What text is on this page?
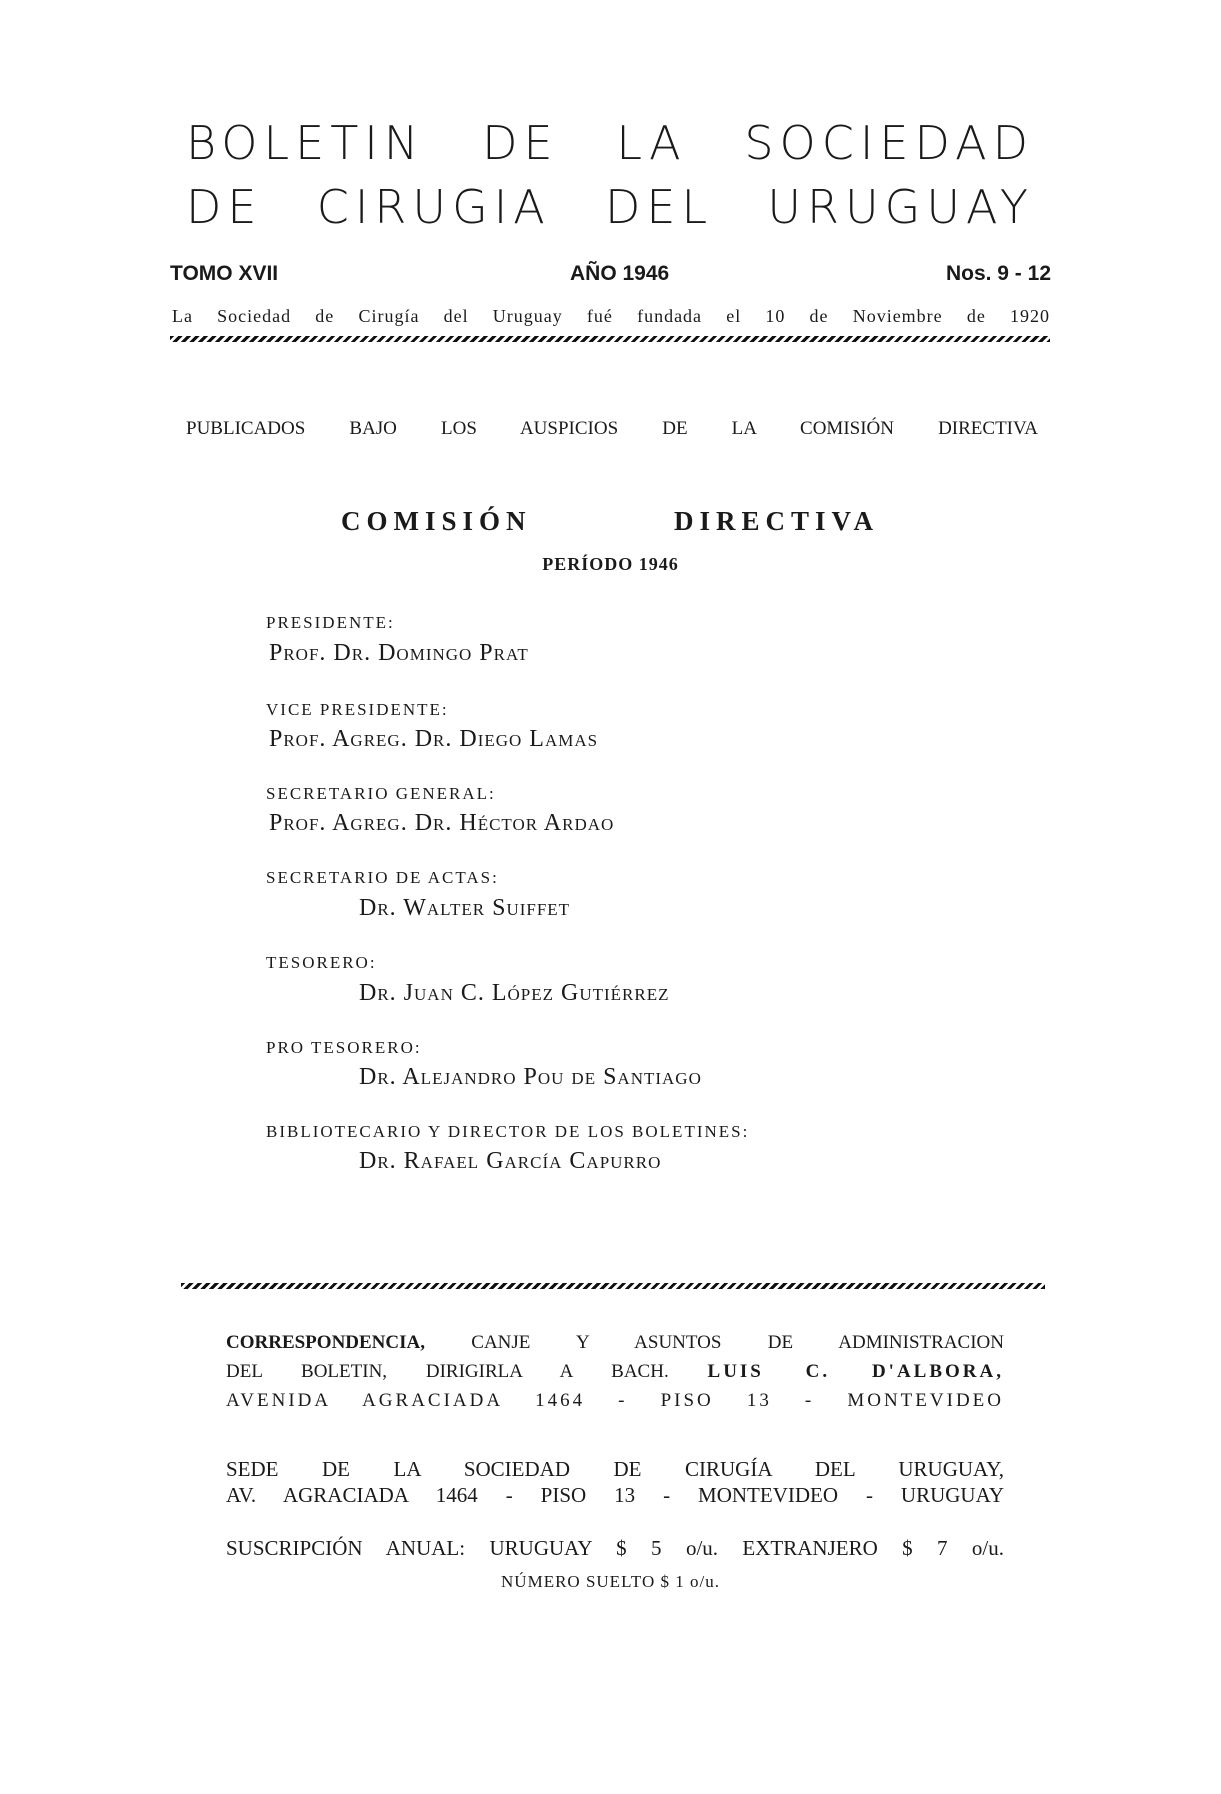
BOLETIN DE LA SOCIEDAD
DE CIRUGIA DEL URUGUAY
TOMO XVII	AÑO 1946	Nos. 9 - 12
La Sociedad de Cirugía del Uruguay fué fundada el 10 de Noviembre de 1920
PUBLICADOS BAJO LOS AUSPICIOS DE LA COMISIÓN DIRECTIVA
COMISIÓN DIRECTIVA
PERÍODO 1946
PRESIDENTE:
Prof. Dr. Domingo Prat
VICE PRESIDENTE:
Prof. Agreg. Dr. Diego Lamas
SECRETARIO GENERAL:
Prof. Agreg. Dr. Héctor Ardao
SECRETARIO DE ACTAS:
Dr. Walter Suiffet
TESORERO:
Dr. Juan C. López Gutiérrez
PRO TESORERO:
Dr. Alejandro Pou de Santiago
BIBLIOTECARIO Y DIRECTOR DE LOS BOLETINES:
Dr. Rafael García Capurro
CORRESPONDENCIA, CANJE Y ASUNTOS DE ADMINISTRACION
DEL BOLETIN, DIRIGIRLA A BACH. LUIS C. D'ALBORA,
AVENIDA AGRACIADA 1464 - PISO 13 - MONTEVIDEO
SEDE DE LA SOCIEDAD DE CIRUGÍA DEL URUGUAY,
AV. AGRACIADA 1464 - PISO 13 - MONTEVIDEO - URUGUAY
SUSCRIPCIÓN ANUAL: URUGUAY $ 5 o/u. EXTRANJERO $ 7 o/u.
NÚMERO SUELTO $ 1 o/u.
